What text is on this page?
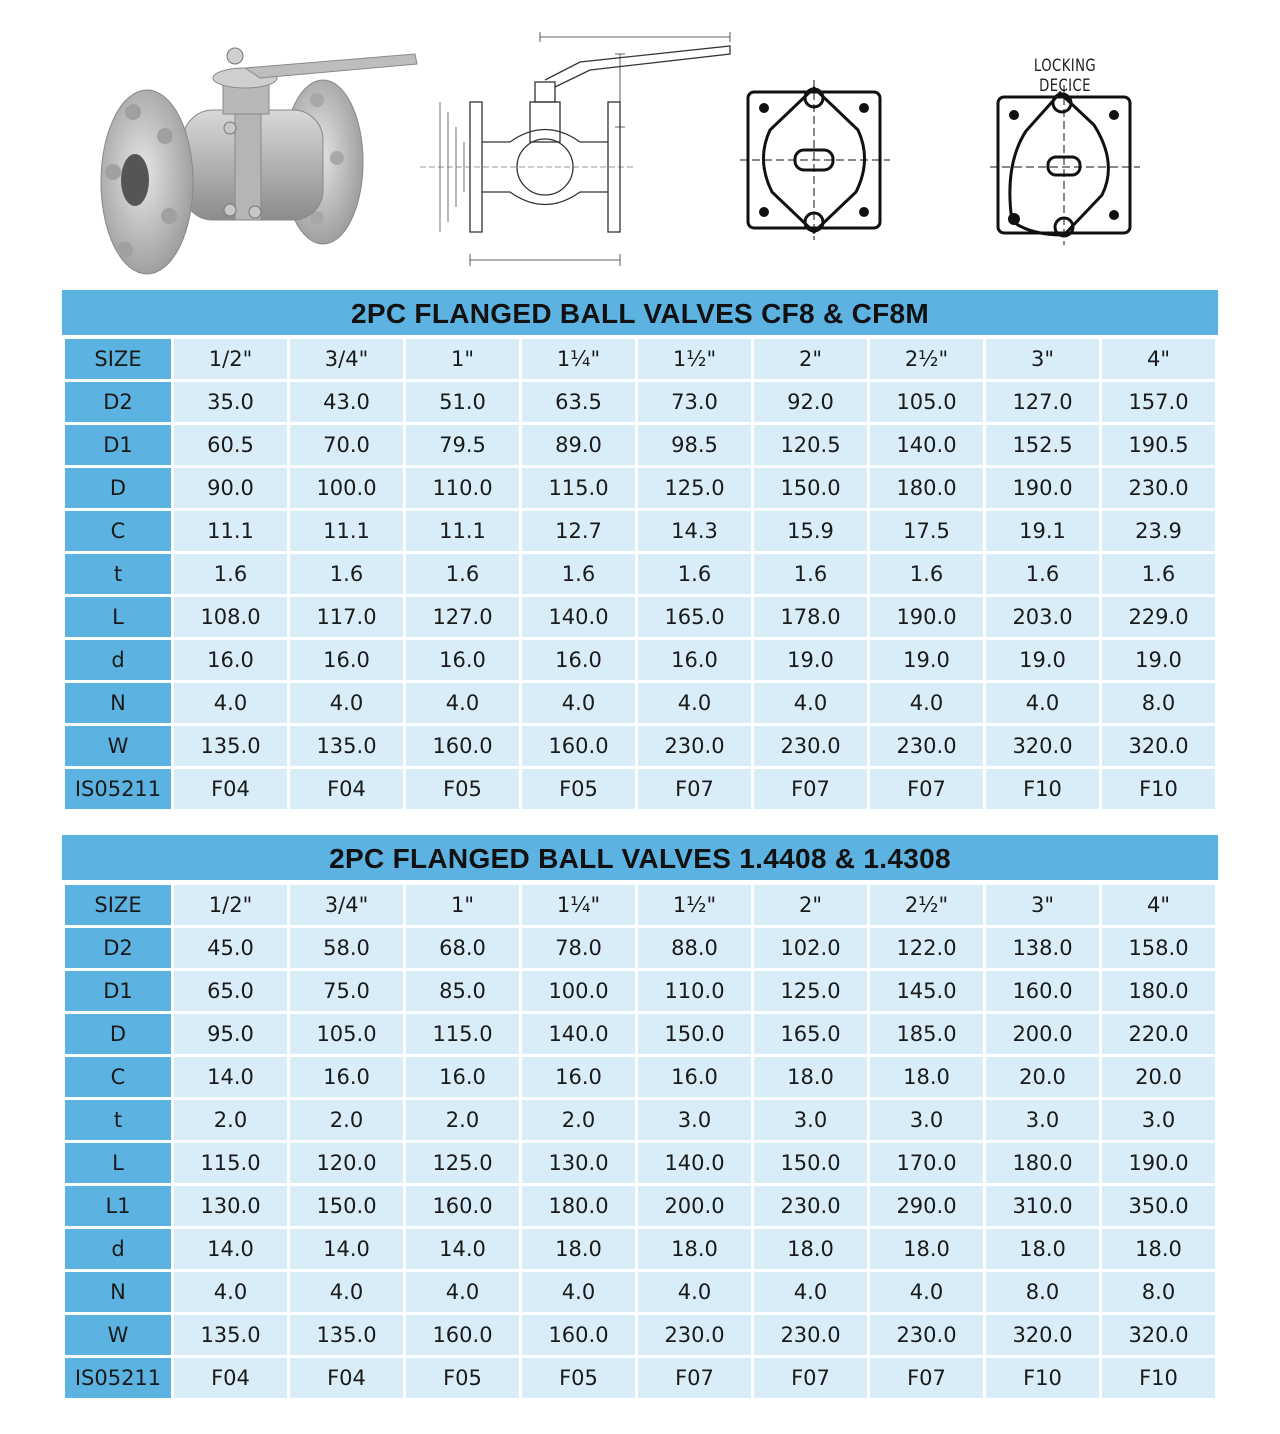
LOCKING DECICE
2PC FLANGED BALL VALVES CF8 & CF8M
SIZE	1/2"	3/4"	1"	1¼"	1½"	2"	2½"	3"	4"
D2	35.0	43.0	51.0	63.5	73.0	92.0	105.0	127.0	157.0
D1	60.5	70.0	79.5	89.0	98.5	120.5	140.0	152.5	190.5
D	90.0	100.0	110.0	115.0	125.0	150.0	180.0	190.0	230.0
C	11.1	11.1	11.1	12.7	14.3	15.9	17.5	19.1	23.9
t	1.6	1.6	1.6	1.6	1.6	1.6	1.6	1.6	1.6
L	108.0	117.0	127.0	140.0	165.0	178.0	190.0	203.0	229.0
d	16.0	16.0	16.0	16.0	16.0	19.0	19.0	19.0	19.0
N	4.0	4.0	4.0	4.0	4.0	4.0	4.0	4.0	8.0
W	135.0	135.0	160.0	160.0	230.0	230.0	230.0	320.0	320.0
IS05211	F04	F04	F05	F05	F07	F07	F07	F10	F10
2PC FLANGED BALL VALVES 1.4408 & 1.4308
SIZE	1/2"	3/4"	1"	1¼"	1½"	2"	2½"	3"	4"
D2	45.0	58.0	68.0	78.0	88.0	102.0	122.0	138.0	158.0
D1	65.0	75.0	85.0	100.0	110.0	125.0	145.0	160.0	180.0
D	95.0	105.0	115.0	140.0	150.0	165.0	185.0	200.0	220.0
C	14.0	16.0	16.0	16.0	16.0	18.0	18.0	20.0	20.0
t	2.0	2.0	2.0	2.0	3.0	3.0	3.0	3.0	3.0
L	115.0	120.0	125.0	130.0	140.0	150.0	170.0	180.0	190.0
L1	130.0	150.0	160.0	180.0	200.0	230.0	290.0	310.0	350.0
d	14.0	14.0	14.0	18.0	18.0	18.0	18.0	18.0	18.0
N	4.0	4.0	4.0	4.0	4.0	4.0	4.0	8.0	8.0
W	135.0	135.0	160.0	160.0	230.0	230.0	230.0	320.0	320.0
IS05211	F04	F04	F05	F05	F07	F07	F07	F10	F10
